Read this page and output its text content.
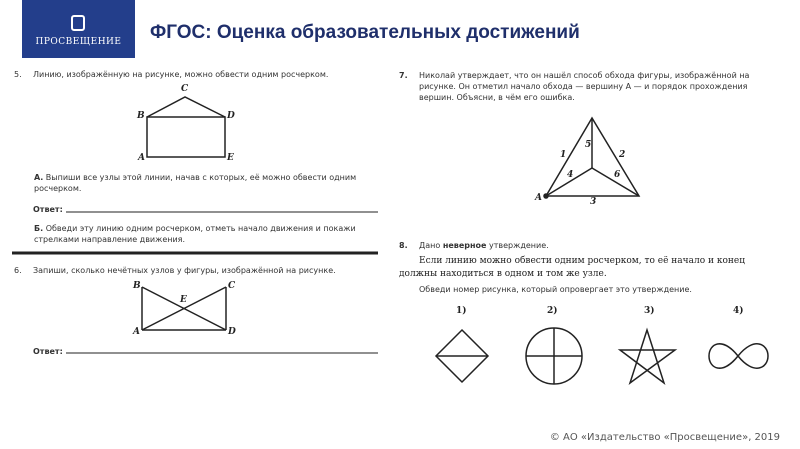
ПРОСВЕЩЕНИЕ	ФГОС: Оценка образовательных достижений
5. Линию, изображённую на рисунке, можно обвести одним росчерком.
C
B	D
A	E
А. Выпиши все узлы этой линии, начав с которых, её можно обвести одним росчерком.
Ответ:
Б. Обведи эту линию одним росчерком, отметь начало движения и покажи стрелками направление движения.
6. Запиши, сколько нечётных узлов у фигуры, изображённой на рисунке.
B	C
E
A	D
Ответ:
7. Николай утверждает, что он нашёл способ обхода фигуры, изображённой на рисунке. Он отметил начало обхода — вершину A — и порядок прохождения вершин. Объясни, в чём его ошибка.
A
1	2
3
4
5
6
8. Дано неверное утверждение.
Если линию можно обвести одним росчерком, то её начало и конец должны находиться в одном и том же узле.
Обведи номер рисунка, который опровергает это утверждение.
1)	2)	3)	4)
© АО «Издательство «Просвещение», 2019
